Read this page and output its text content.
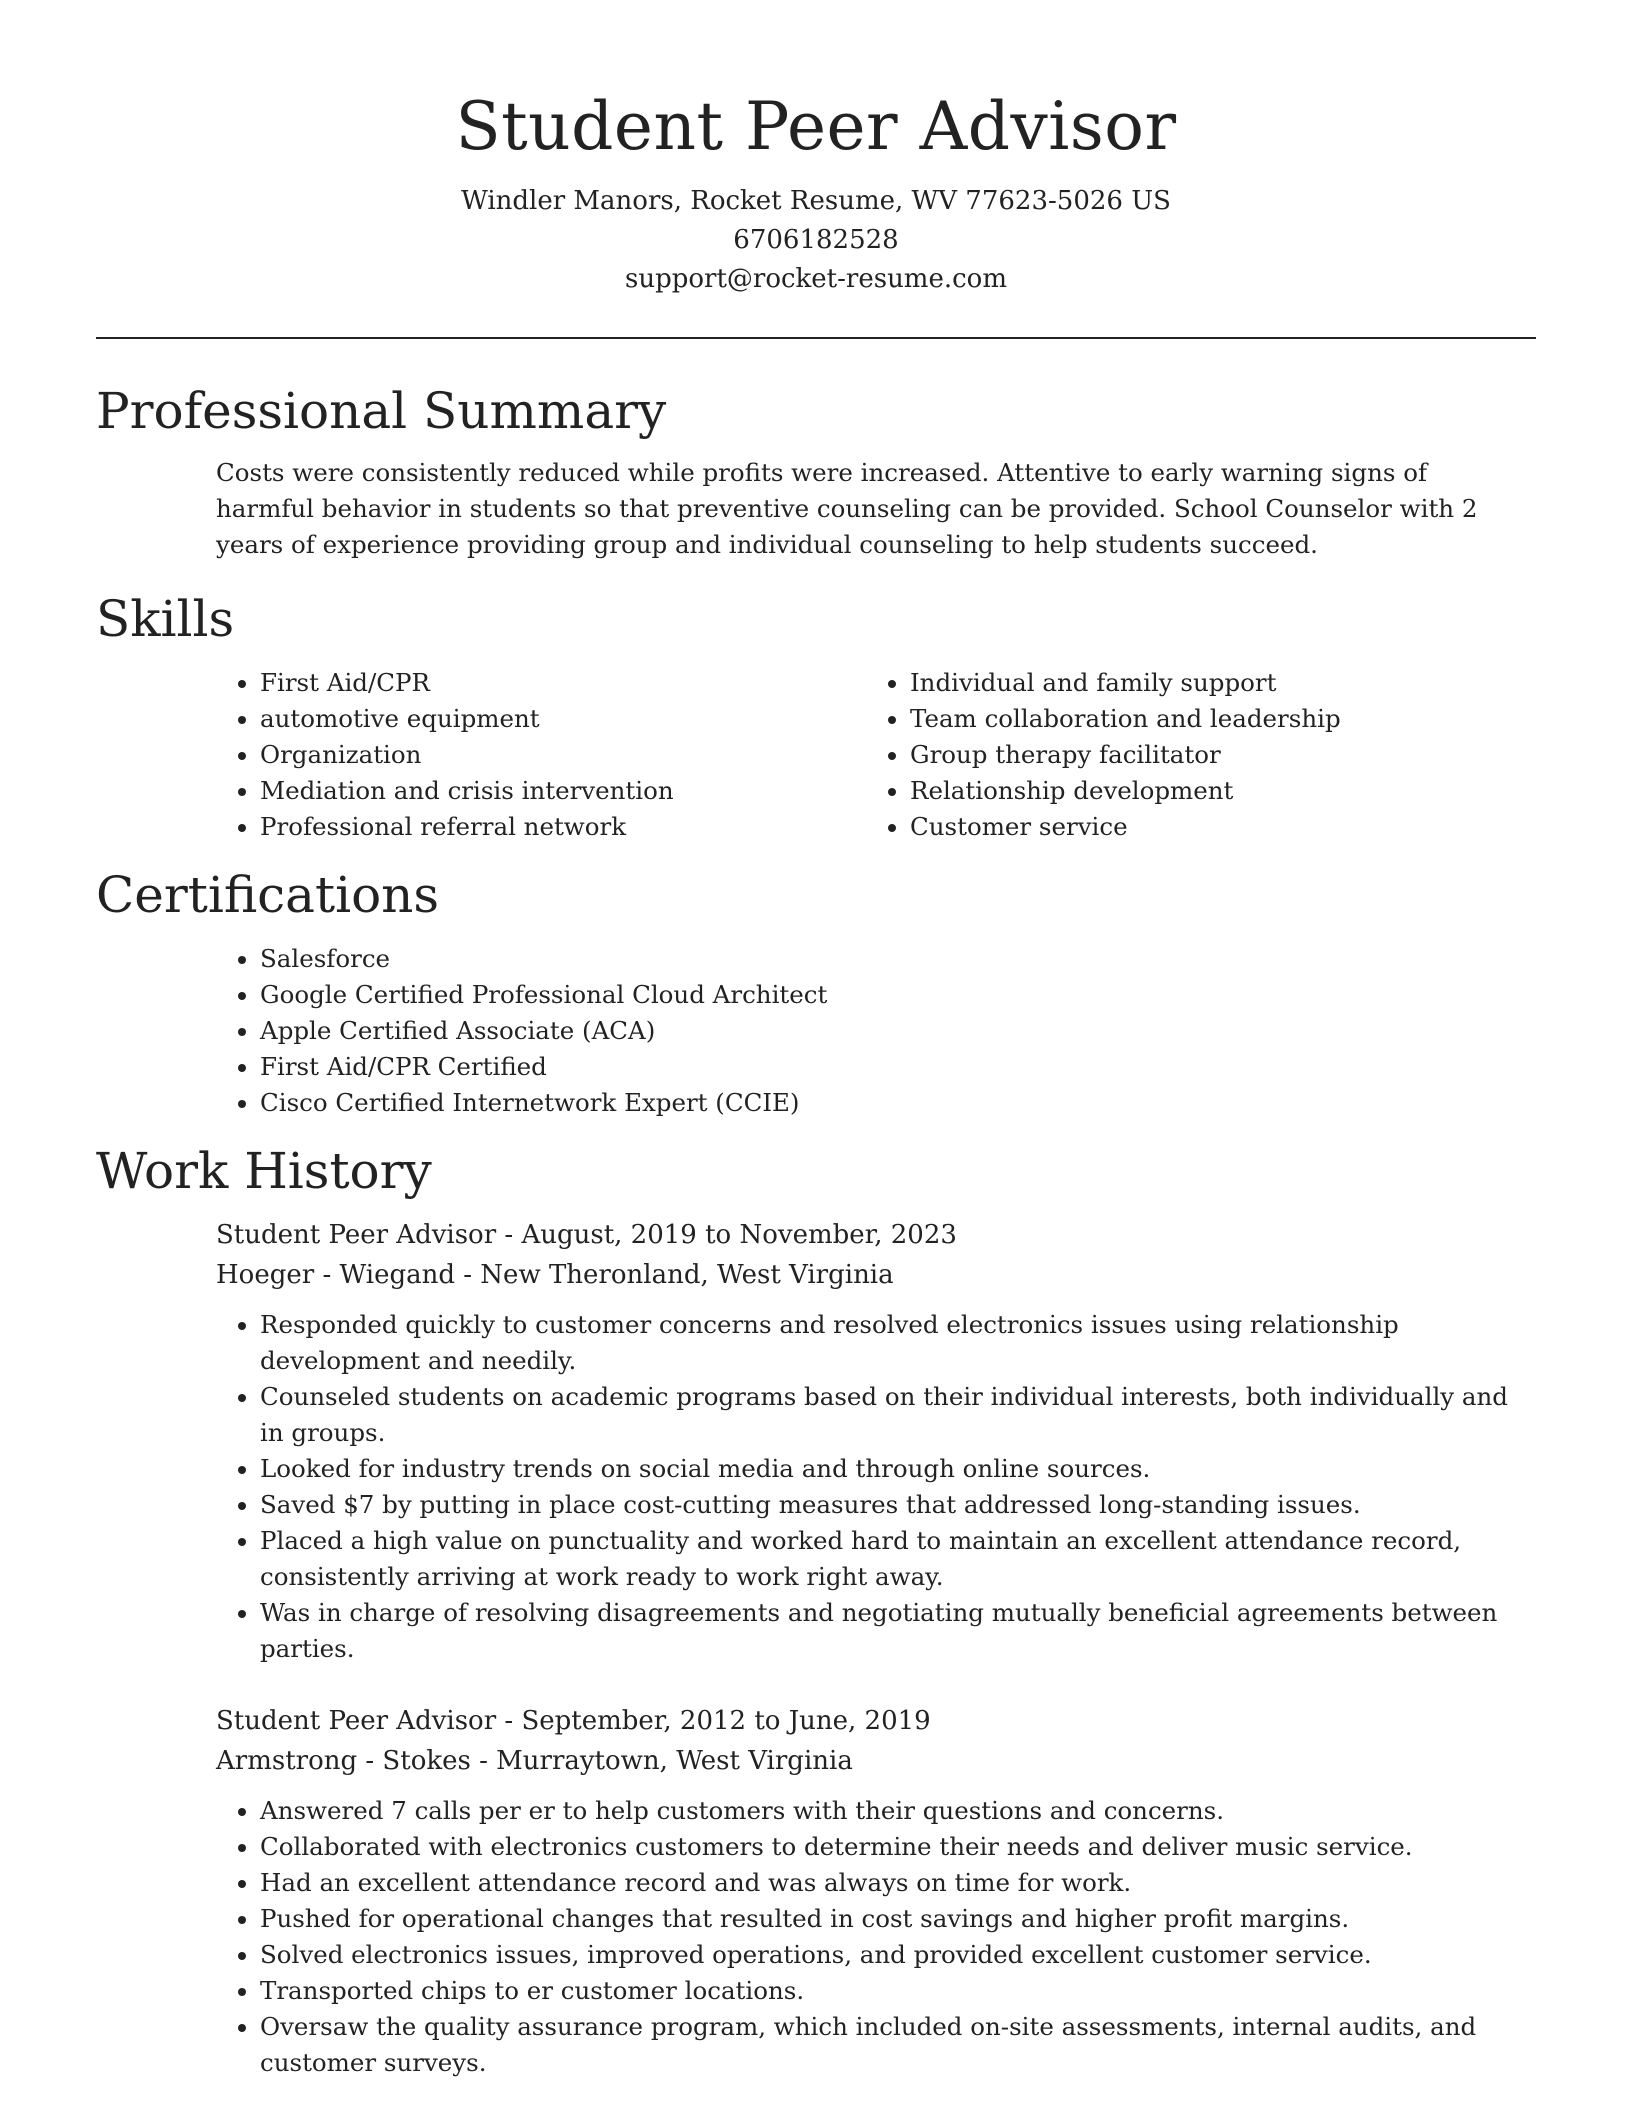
Student Peer Advisor
Windler Manors, Rocket Resume, WV 77623-5026 US
6706182528
support@rocket-resume.com
Professional Summary
Costs were consistently reduced while profits were increased. Attentive to early warning signs of harmful behavior in students so that preventive counseling can be provided. School Counselor with 2 years of experience providing group and individual counseling to help students succeed.
Skills
• First Aid/CPR
• automotive equipment
• Organization
• Mediation and crisis intervention
• Professional referral network
• Individual and family support
• Team collaboration and leadership
• Group therapy facilitator
• Relationship development
• Customer service
Certifications
• Salesforce
• Google Certified Professional Cloud Architect
• Apple Certified Associate (ACA)
• First Aid/CPR Certified
• Cisco Certified Internetwork Expert (CCIE)
Work History
Student Peer Advisor - August, 2019 to November, 2023
Hoeger - Wiegand - New Theronland, West Virginia
• Responded quickly to customer concerns and resolved electronics issues using relationship development and needily.
• Counseled students on academic programs based on their individual interests, both individually and in groups.
• Looked for industry trends on social media and through online sources.
• Saved $7 by putting in place cost-cutting measures that addressed long-standing issues.
• Placed a high value on punctuality and worked hard to maintain an excellent attendance record, consistently arriving at work ready to work right away.
• Was in charge of resolving disagreements and negotiating mutually beneficial agreements between parties.
Student Peer Advisor - September, 2012 to June, 2019
Armstrong - Stokes - Murraytown, West Virginia
• Answered 7 calls per er to help customers with their questions and concerns.
• Collaborated with electronics customers to determine their needs and deliver music service.
• Had an excellent attendance record and was always on time for work.
• Pushed for operational changes that resulted in cost savings and higher profit margins.
• Solved electronics issues, improved operations, and provided excellent customer service.
• Transported chips to er customer locations.
• Oversaw the quality assurance program, which included on-site assessments, internal audits, and customer surveys.
